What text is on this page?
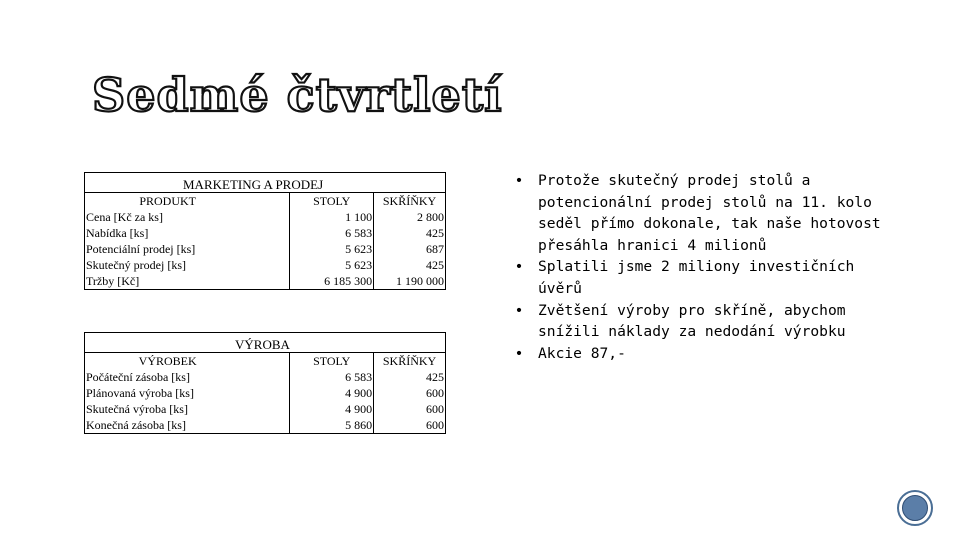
Sedmé čtvrtletí
MARKETING A PRODEJ		
PRODUKT	STOLY	SKŘÍŇKY
Cena [Kč za ks]	1 100	2 800
Nabídka [ks]	6 583	425
Potenciální prodej [ks]	5 623	687
Skutečný prodej [ks]	5 623	425
Tržby [Kč]	6 185 300	1 190 000
VÝROBA		
VÝROBEK	STOLY	SKŘÍŇKY
Počáteční zásoba [ks]	6 583	425
Plánovaná výroba [ks]	4 900	600
Skutečná výroba [ks]	4 900	600
Konečná zásoba [ks]	5 860	600
• Protože skutečný prodej stolů a potencionální prodej stolů na 11. kolo seděl přímo dokonale, tak naše hotovost přesáhla hranici 4 milionů
• Splatili jsme 2 miliony investičních úvěrů
• Zvětšení výroby pro skříně, abychom snížili náklady za nedodání výrobku
• Akcie 87,-
